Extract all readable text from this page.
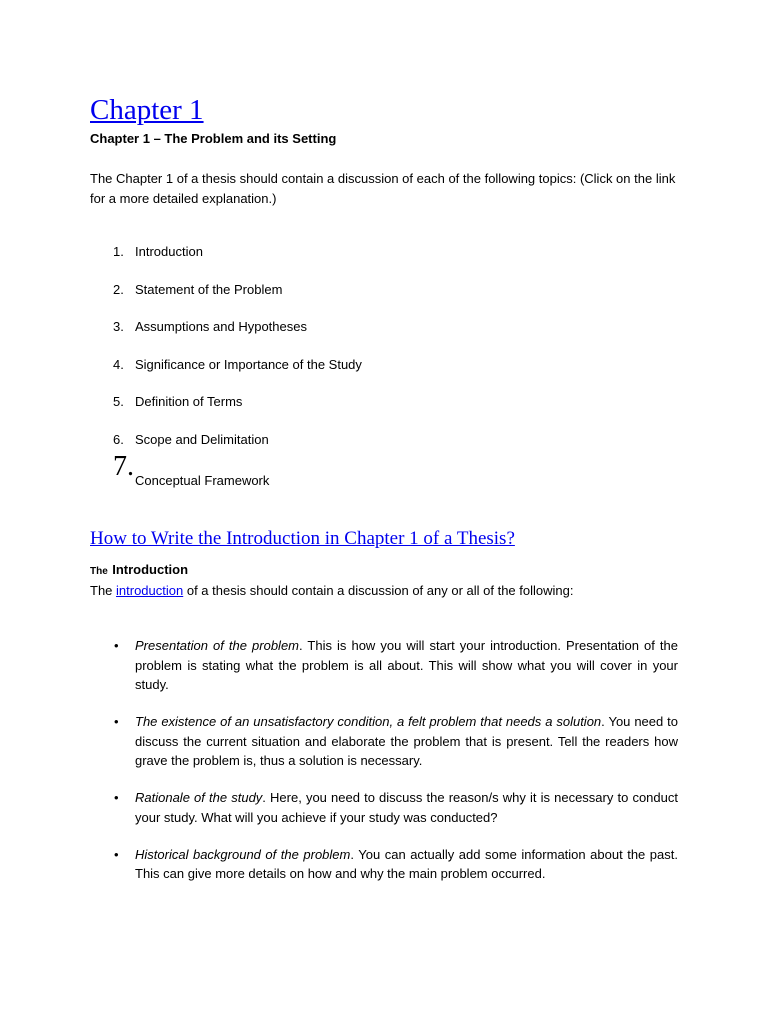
Chapter 1
Chapter 1 – The Problem and its Setting
The Chapter 1 of a thesis should contain a discussion of each of the following topics: (Click on the link for a more detailed explanation.)
1. Introduction
2. Statement of the Problem
3. Assumptions and Hypotheses
4. Significance or Importance of the Study
5. Definition of Terms
6. Scope and Delimitation
7. Conceptual Framework
How to Write the Introduction in Chapter 1 of a Thesis?
The Introduction
The introduction of a thesis should contain a discussion of any or all of the following:
• Presentation of the problem. This is how you will start your introduction. Presentation of the problem is stating what the problem is all about. This will show what you will cover in your study.
• The existence of an unsatisfactory condition, a felt problem that needs a solution. You need to discuss the current situation and elaborate the problem that is present. Tell the readers how grave the problem is, thus a solution is necessary.
• Rationale of the study. Here, you need to discuss the reason/s why it is necessary to conduct your study. What will you achieve if your study was conducted?
• Historical background of the problem. You can actually add some information about the past. This can give more details on how and why the main problem occurred.
